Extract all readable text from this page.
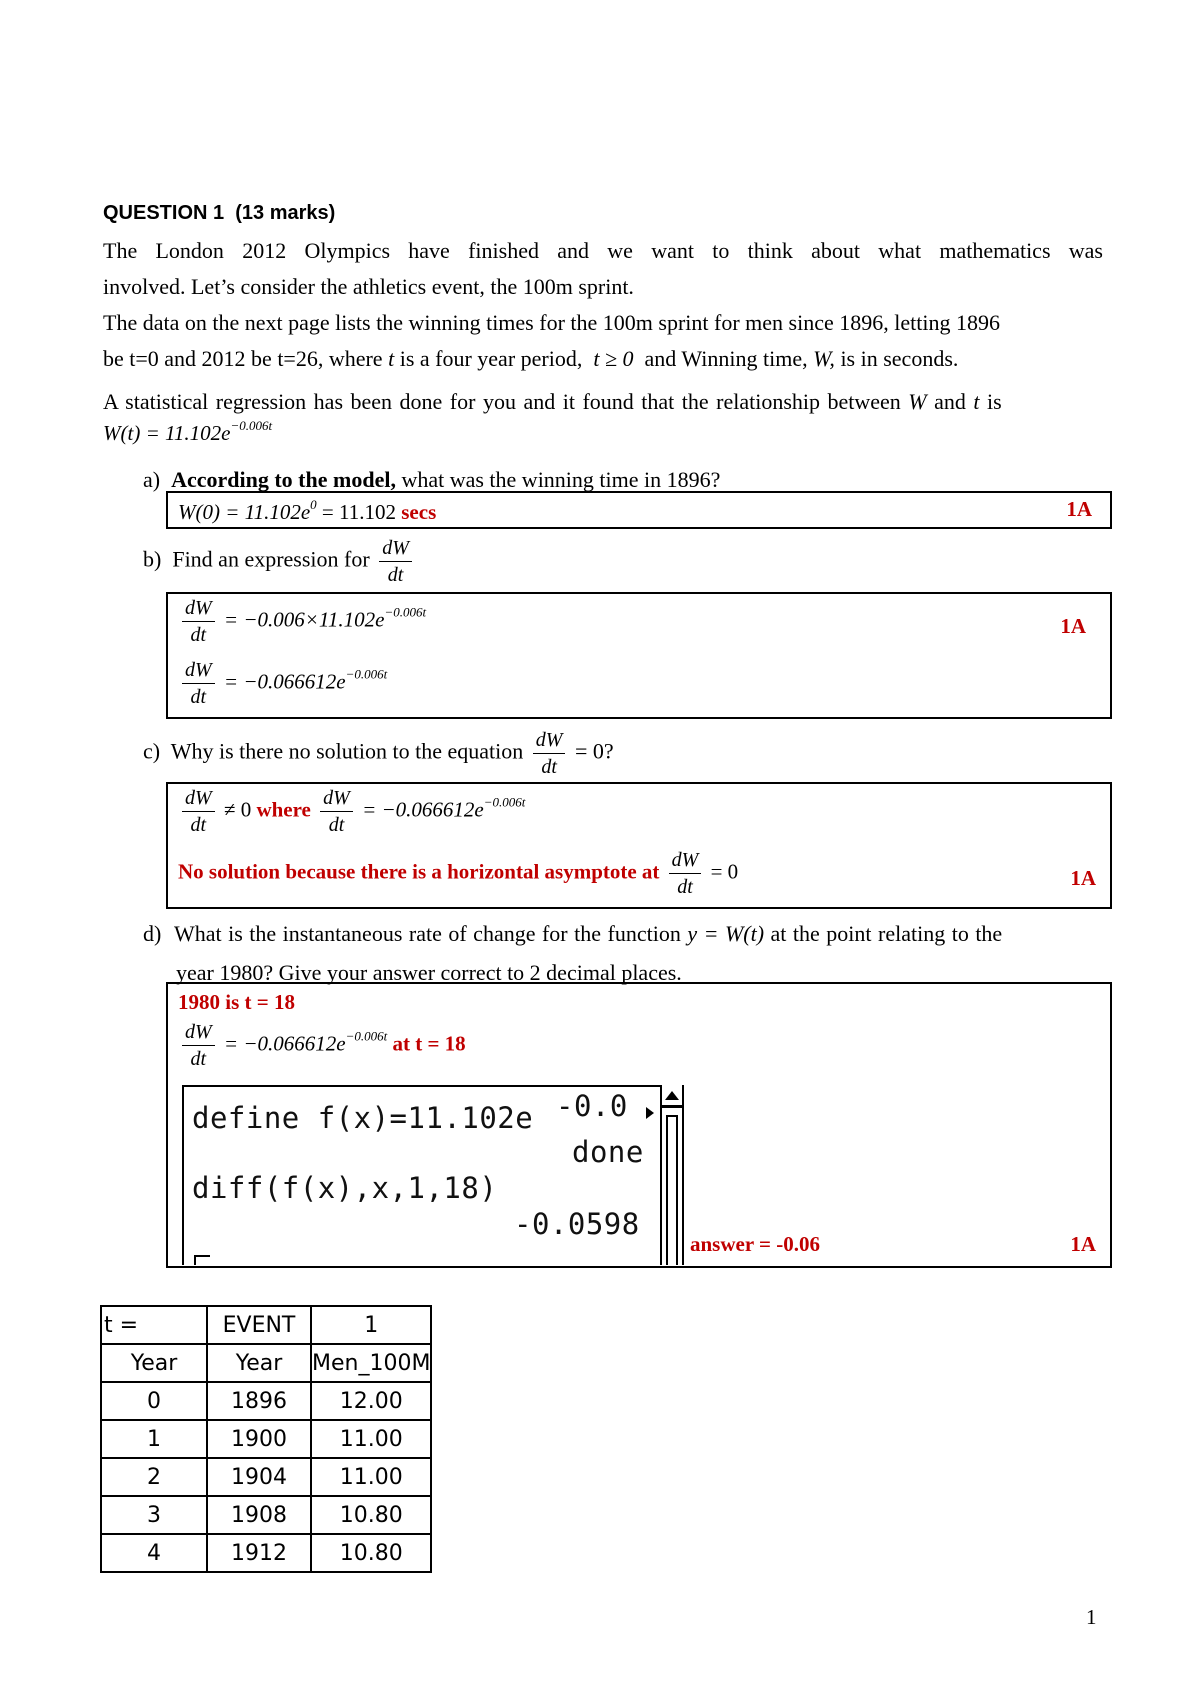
QUESTION 1 (13 marks)
The London 2012 Olympics have finished and we want to think about what mathematics was
involved. Let’s consider the athletics event, the 100m sprint.
The data on the next page lists the winning times for the 100m sprint for men since 1896, letting 1896
be t=0 and 2012 be t=26, where t is a four year period,  t ≥ 0  and Winning time, W, is in seconds.
A statistical regression has been done for you and it found that the relationship between W and t is
$W(t) = 11.102e^{-0.006t}$
a) According to the model, what was the winning time in 1896?
$W(0) = 11.102e^0 = 11.102$ secs	1A
b) Find an expression for $\frac{dW}{dt}$
$\frac{dW}{dt} = -0.006\times 11.102e^{-0.006t}$
$\frac{dW}{dt} = -0.066612e^{-0.006t}$
1A
c) Why is there no solution to the equation $\frac{dW}{dt} = 0$?
$\frac{dW}{dt} \ne 0$ where $\frac{dW}{dt} = -0.066612e^{-0.006t}$
No solution because there is a horizontal asymptote at $\frac{dW}{dt} = 0$	1A
d) What is the instantaneous rate of change for the function y = W(t) at the point relating to the
year 1980? Give your answer correct to 2 decimal places.
1980 is t = 18
$\frac{dW}{dt} = -0.066612e^{-0.006t}$ at t = 18
answer = -0.06	1A
define f(x)=11.102e -0.0
done
diff(f(x),x,1,18)
-0.0598
t =	EVENT	1
Year	Year	Men_100M
0	1896	12.00
1	1900	11.00
2	1904	11.00
3	1908	10.80
4	1912	10.80
1
